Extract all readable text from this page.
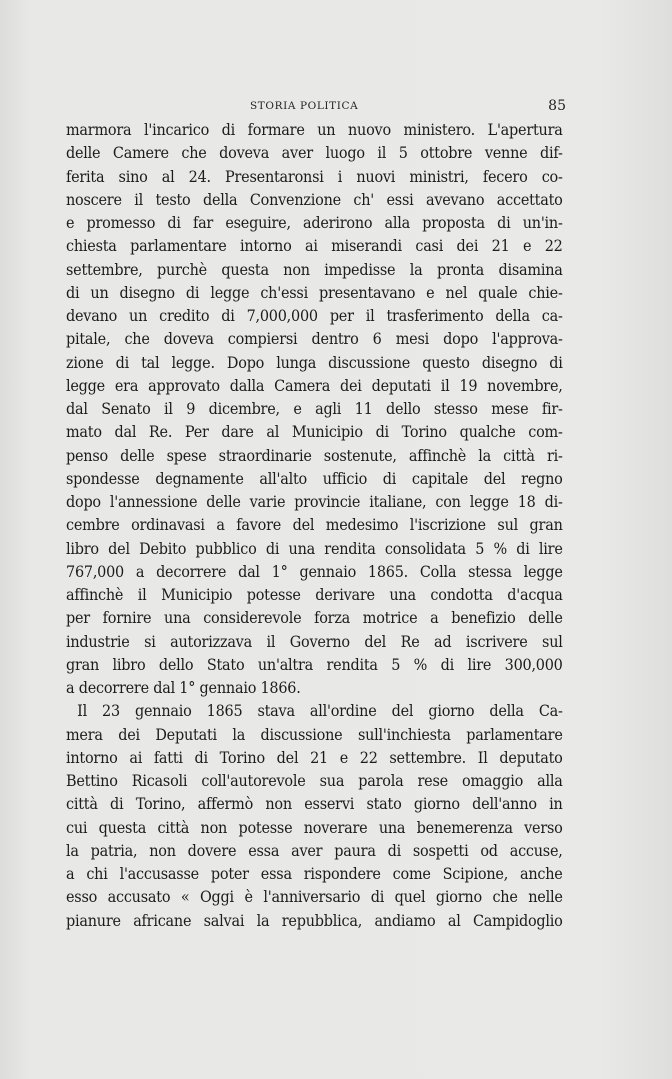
STORIA POLITICA	85
marmora l'incarico di formare un nuovo ministero. L'apertura
delle Camere che doveva aver luogo il 5 ottobre venne dif-
ferita sino al 24. Presentaronsi i nuovi ministri, fecero co-
noscere il testo della Convenzione ch' essi avevano accettato
e promesso di far eseguire, aderirono alla proposta di un'in-
chiesta parlamentare intorno ai miserandi casi dei 21 e 22
settembre, purchè questa non impedisse la pronta disamina
di un disegno di legge ch'essi presentavano e nel quale chie-
devano un credito di 7,000,000 per il trasferimento della ca-
pitale, che doveva compiersi dentro 6 mesi dopo l'approva-
zione di tal legge. Dopo lunga discussione questo disegno di
legge era approvato dalla Camera dei deputati il 19 novembre,
dal Senato il 9 dicembre, e agli 11 dello stesso mese fir-
mato dal Re. Per dare al Municipio di Torino qualche com-
penso delle spese straordinarie sostenute, affinchè la città ri-
spondesse degnamente all'alto ufficio di capitale del regno
dopo l'annessione delle varie provincie italiane, con legge 18 di-
cembre ordinavasi a favore del medesimo l'iscrizione sul gran
libro del Debito pubblico di una rendita consolidata 5 % di lire
767,000 a decorrere dal 1° gennaio 1865. Colla stessa legge
affinchè il Municipio potesse derivare una condotta d'acqua
per fornire una considerevole forza motrice a benefizio delle
industrie si autorizzava il Governo del Re ad iscrivere sul
gran libro dello Stato un'altra rendita 5 % di lire 300,000
a decorrere dal 1° gennaio 1866.
Il 23 gennaio 1865 stava all'ordine del giorno della Ca-
mera dei Deputati la discussione sull'inchiesta parlamentare
intorno ai fatti di Torino del 21 e 22 settembre. Il deputato
Bettino Ricasoli coll'autorevole sua parola rese omaggio alla
città di Torino, affermò non esservi stato giorno dell'anno in
cui questa città non potesse noverare una benemerenza verso
la patria, non dovere essa aver paura di sospetti od accuse,
a chi l'accusasse poter essa rispondere come Scipione, anche
esso accusato « Oggi è l'anniversario di quel giorno che nelle
pianure africane salvai la repubblica, andiamo al Campidoglio
